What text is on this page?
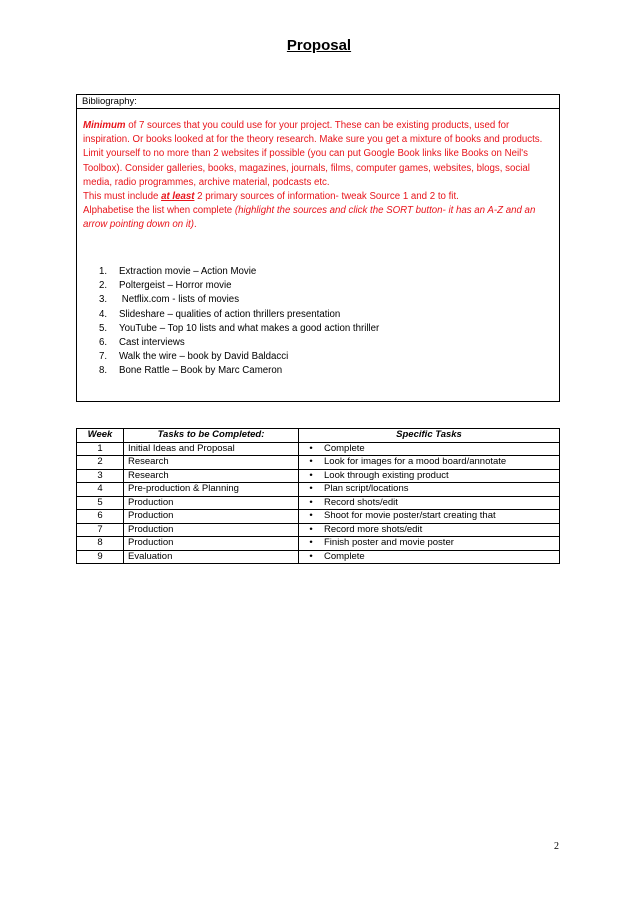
Proposal
Bibliography:
Minimum of 7 sources that you could use for your project. These can be existing products, used for inspiration. Or books looked at for the theory research. Make sure you get a mixture of books and products. Limit yourself to no more than 2 websites if possible (you can put Google Book links like Books on Neil's Toolbox). Consider galleries, books, magazines, journals, films, computer games, websites, blogs, social media, radio programmes, archive material, podcasts etc.
This must include at least 2 primary sources of information- tweak Source 1 and 2 to fit.
Alphabetise the list when complete (highlight the sources and click the SORT button- it has an A-Z and an arrow pointing down on it).
1.	Extraction movie – Action Movie
2.	Poltergeist – Horror movie
3.	Netflix.com - lists of movies
4.	Slideshare – qualities of action thrillers presentation
5.	YouTube – Top 10 lists and what makes a good action thriller
6.	Cast interviews
7.	Walk the wire – book by David Baldacci
8.	Bone Rattle – Book by Marc Cameron
Week	Tasks to be Completed:	Specific Tasks
1	Initial Ideas and Proposal	• Complete
2	Research	• Look for images for a mood board/annotate
3	Research	• Look through existing product
4	Pre-production & Planning	• Plan script/locations
5	Production	• Record shots/edit
6	Production	• Shoot for movie poster/start creating that
7	Production	• Record more shots/edit
8	Production	• Finish poster and movie poster
9	Evaluation	• Complete
2
